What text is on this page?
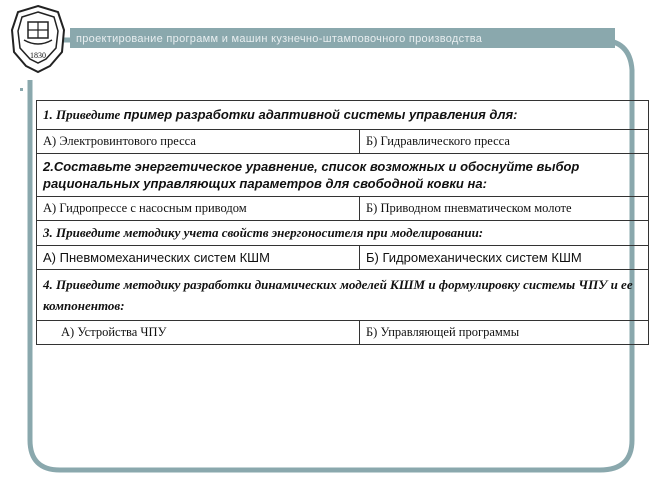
1830
проектирование программ и машин кузнечно-штамповочного производства
1. Приведите пример разработки адаптивной системы управления для:	
А) Электровинтового пресса	Б) Гидравлического пресса
2.Составьте энергетическое уравнение, список возможных и обоснуйте выбор рациональных управляющих параметров для свободной ковки на:	
А) Гидропрессе с насосным приводом	Б) Приводном пневматическом молоте
3. Приведите методику учета свойств энергоносителя при моделировании:	
А) Пневмомеханических систем КШМ	Б) Гидромеханических систем КШМ
4. Приведите методику разработки динамических моделей КШМ и формулировку системы ЧПУ и ее компонентов:	
А) Устройства ЧПУ	Б) Управляющей программы
